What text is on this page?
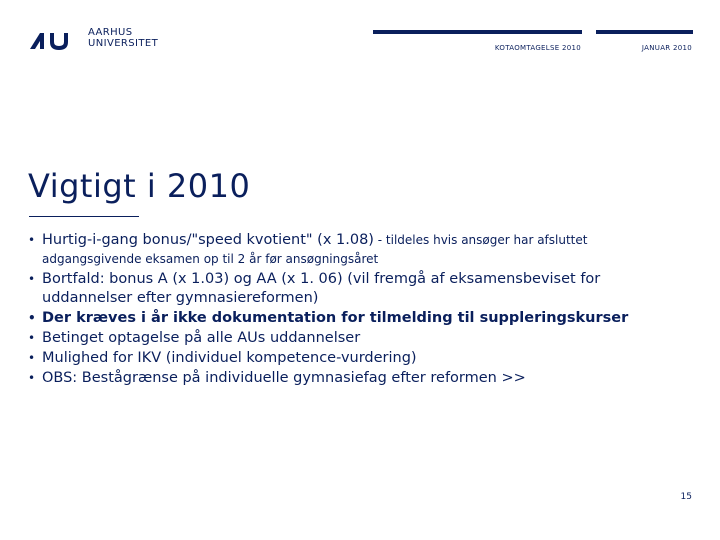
AARHUS
UNIVERSITET	KOTAOMTAGELSE 2010	JANUAR 2010
Vigtigt i 2010
• Hurtig-i-gang bonus/"speed kvotient" (x 1.08) - tildeles hvis ansøger har afsluttet adgangsgivende eksamen op til 2 år før ansøgningsåret
• Bortfald: bonus A (x 1.03) og AA (x 1. 06) (vil fremgå af eksamensbeviset for uddannelser efter gymnasiereformen)
• Der kræves i år ikke dokumentation for tilmelding til suppleringskurser
• Betinget optagelse på alle AUs uddannelser
• Mulighed for IKV (individuel kompetence-vurdering)
• OBS: Bestågrænse på individuelle gymnasiefag efter reformen >>
15
